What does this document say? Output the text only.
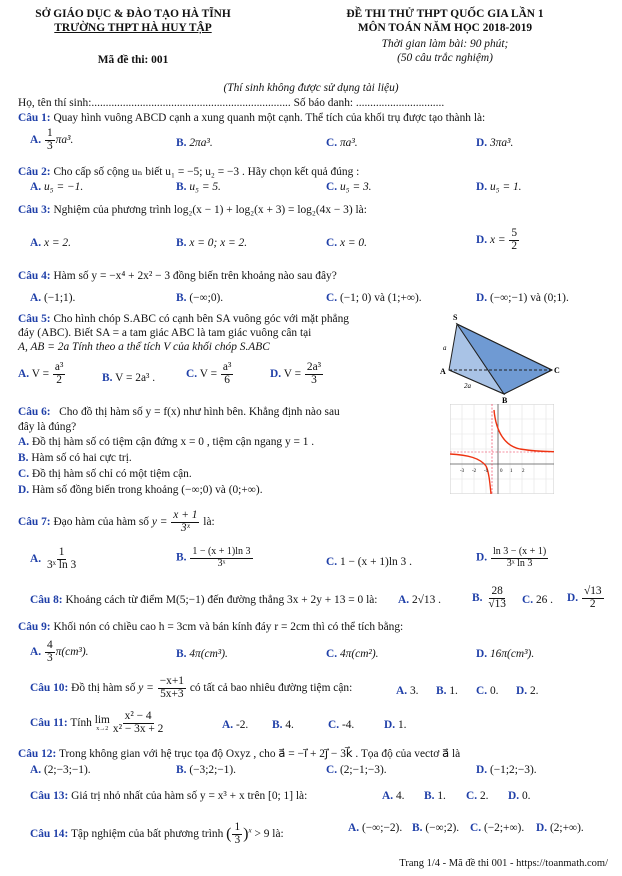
SỞ GIÁO DỤC & ĐÀO TẠO HÀ TĨNH
TRƯỜNG THPT HÀ HUY TẬP
Mã đề thi: 001
ĐỀ THI THỬ THPT QUỐC GIA LẦN 1
MÔN TOÁN NĂM HỌC 2018-2019
Thời gian làm bài: 90 phút;
(50 câu trắc nghiệm)
(Thí sinh không được sử dụng tài liệu)
Họ, tên thí sinh:...................................................................... Số báo danh: ...............................
Câu 1: Quay hình vuông ABCD cạnh a xung quanh một cạnh. Thể tích của khối trụ được tạo thành là:
A. $\frac{1}{3} \pi a^3$.	B. 2πa³.	C. πa³.	D. 3πa³.
Câu 2: Cho cấp số cộng uₙ biết u₁ = −5; u₂ = −3 . Hãy chọn kết quả đúng :
A. u₅ = −1.	B. u₅ = 5.	C. u₅ = 3.	D. u₅ = 1.
Câu 3: Nghiệm của phương trình log₂(x − 1) + log₂(x + 3) = log₂(4x − 3) là:
A. x = 2.	B. x = 0; x = 2.	C. x = 0.	D. $x = \frac{5}{2}$
Câu 4: Hàm số y = −x⁴ + 2x² − 3 đồng biến trên khoảng nào sau đây?
A. (−1;1).	B. (−∞;0).	C. (−1; 0) và (1;+∞).	D. (−∞;−1) và (0;1).
Câu 5: Cho hình chóp S.ABC có cạnh bên SA vuông góc với mặt phẳng
đáy (ABC). Biết SA = a tam giác ABC là tam giác vuông cân tại
A, AB = 2a Tính theo a thể tích V của khối chóp S.ABC
A. $V = \frac{\text{a³}}{2}$	B. V = 2a³ .	C. $V = \frac{\text{a³}}{6}$	D. $V = \frac{\text{2a³}}{3}$
S
A
B
C
a
2a
Câu 6: Cho đồ thị hàm số y = f(x) như hình bên. Khẳng định nào sau
đây là đúng?
A. Đồ thị hàm số có tiệm cận đứng x = 0 , tiệm cận ngang y = 1 .
B. Hàm số có hai cực trị.
C. Đồ thị hàm số chỉ có một tiệm cận.
D. Hàm số đồng biến trong khoảng (−∞;0) và (0;+∞).
-3 -2 -1 0 1 2
Câu 7: Đạo hàm của hàm số $y = \frac{x + 1}{\text{3ˣ}}$ là:
A. $\frac{1}{\text{3ˣ ln 3}}$	B. $\frac{1 - (x + 1)\ln 3}{\text{3ˣ}}$	C. 1 − (x + 1)ln 3 .	D. $\frac{\ln 3 - (x + 1)}{\text{3ˣ ln 3}}$
Câu 8: Khoảng cách từ điểm M(5;−1) đến đường thẳng 3x + 2y + 13 = 0 là: A. 2√13 .	B. $\frac{28}{√13} C$. 26 . D. $\frac{√13}{2}$
Câu 9: Khối nón có chiều cao h = 3cm và bán kính đáy r = 2cm thì có thể tích bằng:
A. $\frac{4}{3} \pi(cm^3)$.	B. 4π(cm³).	C. 4π(cm²).	D. 16π(cm³).
Câu 10: Đồ thị hàm số $y = \frac{-x+1}{5x+3}$ có tất cả bao nhiêu đường tiệm cận:	A. 3. B. 1. C. 0. D. 2.
Câu 11: Tính lim
$x\to 2 \frac{\text{x² − 4}}{\text{x² − 3x + 2}}$	A. -2. B. 4.	C. -4.	D. 1.
Câu 12: Trong không gian với hệ trục tọa độ Oxyz , cho a⃗ = −i⃗ + 2j⃗ − 3k⃗ . Tọa độ của vectơ a⃗ là
A. (2;−3;−1).	B. (−3;2;−1).	C. (2;−1;−3).	D. (−1;2;−3).
Câu 13: Giá trị nhỏ nhất của hàm số y = x³ + x trên [0; 1] là:	A. 4. B. 1. C. 2. D. 0.
Câu 14: Tập nghiệm của bất phương trình ( $\frac{1}{3} )^x > 9$ là:
A. (−∞;−2). B. (−∞;2). C. (−2;+∞). D. (2;+∞).
Trang 1/4 - Mã đề thi 001 - https://toanmath.com/
